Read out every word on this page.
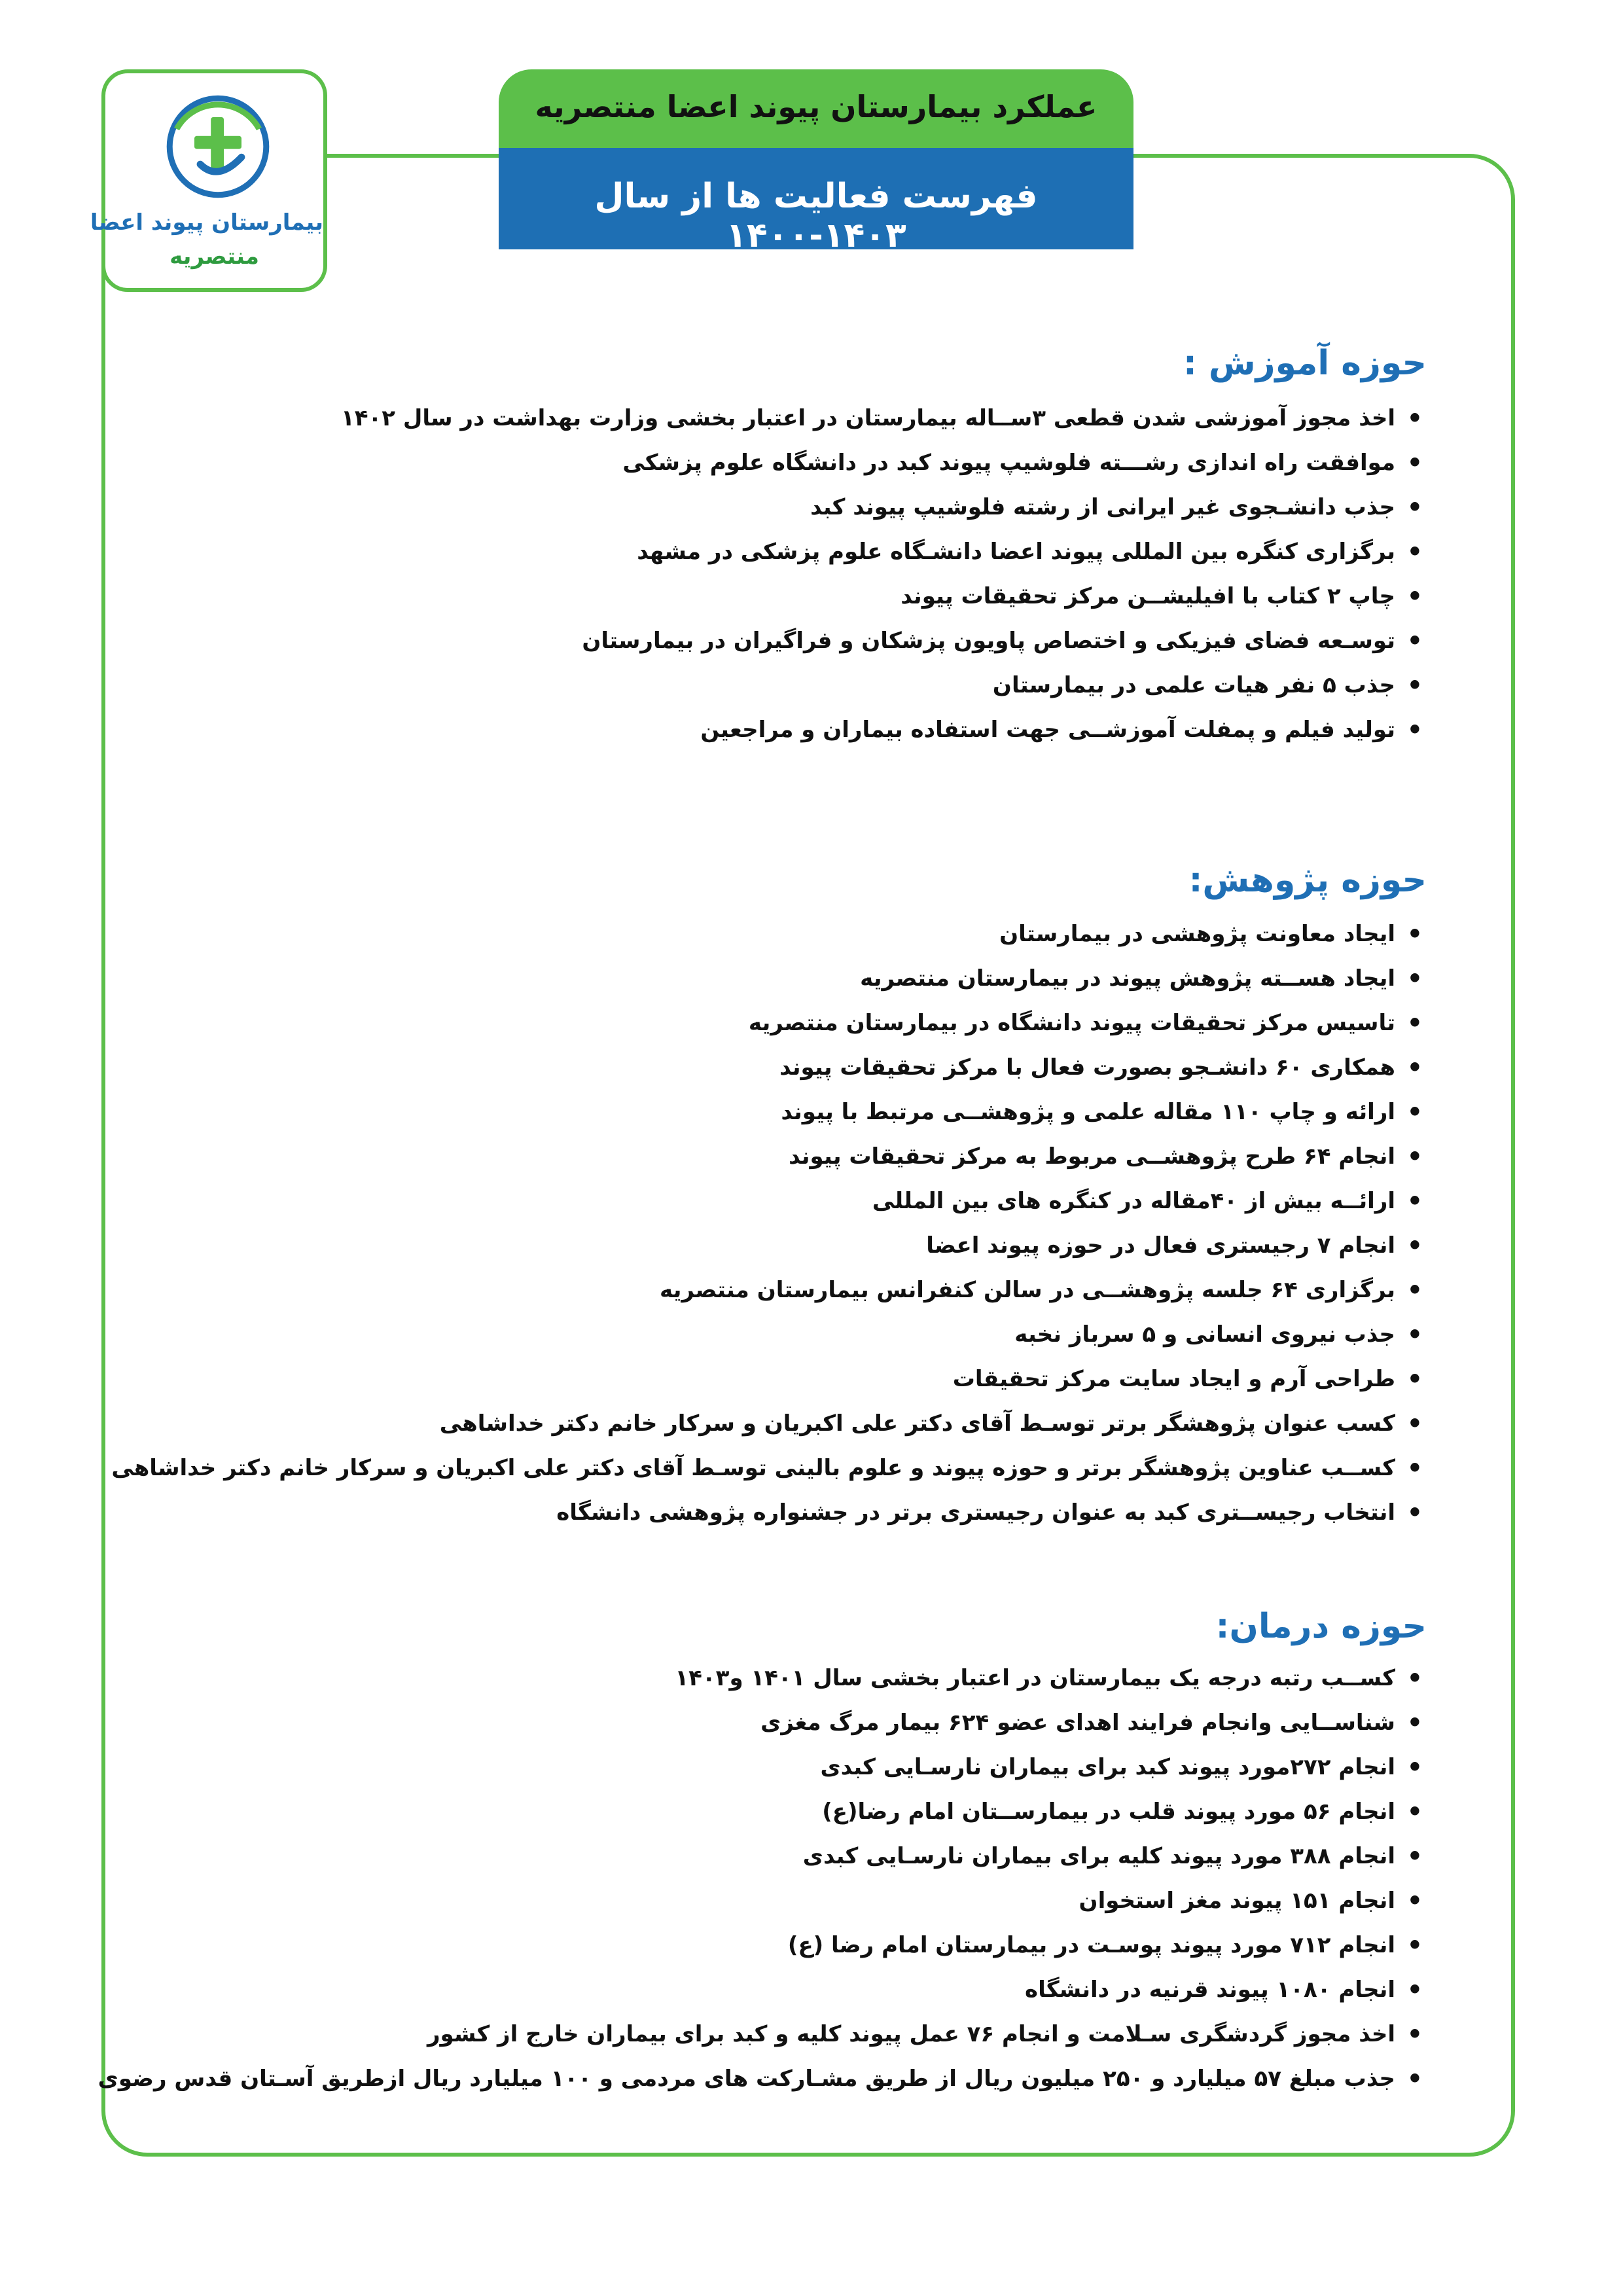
بیمارستان پیوند اعضا
منتصریه
عملکرد بیمارستان پیوند اعضا منتصریه
فهرست فعالیت ها از سال ۱۴۰۳-۱۴۰۰
حوزه آموزش :
• اخذ مجوز آموزشی شدن قطعی ۳ســاله بیمارستان در اعتبار بخشی وزارت بهداشت در سال ۱۴۰۲
• موافقت راه اندازی رشـــته فلوشیپ پیوند کبد در دانشگاه علوم پزشکی
• جذب دانشـجوی غیر ایرانی از رشته فلوشیپ پیوند کبد
• برگزاری کنگره بین المللی پیوند اعضا دانشـگاه علوم پزشکی در مشهد
• چاپ ۲ کتاب با افیلیشــن مرکز تحقیقات پیوند
• توسـعه فضای فیزیکی و اختصاص پاویون پزشکان و فراگیران در بیمارستان
• جذب ۵ نفر هیات علمی در بیمارستان
• تولید فیلم و پمفلت آموزشــی جهت استفاده بیماران و مراجعین
حوزه پژوهش:
• ایجاد معاونت پژوهشی در بیمارستان
• ایجاد هســته پژوهش پیوند در بیمارستان منتصریه
• تاسیس مرکز تحقیقات پیوند دانشگاه در بیمارستان منتصریه
• همکاری ۶۰ دانشـجو بصورت فعال با مرکز تحقیقات پیوند
• ارائه و چاپ ۱۱۰ مقاله علمی و پژوهشــی مرتبط با پیوند
• انجام ۶۴ طرح پژوهشــی مربوط به مرکز تحقیقات پیوند
• ارائــه بیش از ۴۰مقاله در کنگره های بین المللی
• انجام ۷ رجیستری فعال در حوزه پیوند اعضا
• برگزاری ۶۴ جلسه پژوهشــی در سالن کنفرانس بیمارستان منتصریه
• جذب نیروی انسانی و ۵ سرباز نخبه
• طراحی آرم و ایجاد سایت مرکز تحقیقات
• کسب عنوان پژوهشگر برتر توسـط آقای دکتر علی اکبریان و سرکار خانم دکتر خداشاهی
• کســب عناوین پژوهشگر برتر و حوزه پیوند و علوم بالینی توسـط آقای دکتر علی اکبریان و سرکار خانم دکتر خداشاهی
• انتخاب رجیســتری کبد به عنوان رجیستری برتر در جشنواره پژوهشی دانشگاه
حوزه درمان:
• کســب رتبه درجه یک بیمارستان در اعتبار بخشی سال ۱۴۰۱ و۱۴۰۳
• شناســایی وانجام فرایند اهدای عضو ۶۲۴ بیمار مرگ مغزی
• انجام ۲۷۲مورد پیوند کبد برای بیماران نارسـایی کبدی
• انجام ۵۶ مورد پیوند قلب در بیمارســتان امام رضا(ع)
• انجام ۳۸۸ مورد پیوند کلیه برای بیماران نارسـایی کبدی
• انجام ۱۵۱ پیوند مغز استخوان
• انجام ۷۱۲ مورد پیوند پوسـت در بیمارستان امام رضا (ع)
• انجام ۱۰۸۰ پیوند قرنیه در دانشگاه
• اخذ مجوز گردشگری سـلامت و انجام ۷۶ عمل پیوند کلیه و کبد برای بیماران خارج از کشور
• جذب مبلغ ۵۷ میلیارد و ۲۵۰ میلیون ریال از طریق مشـارکت های مردمی و ۱۰۰ میلیارد ریال ازطریق آسـتان قدس رضوی
